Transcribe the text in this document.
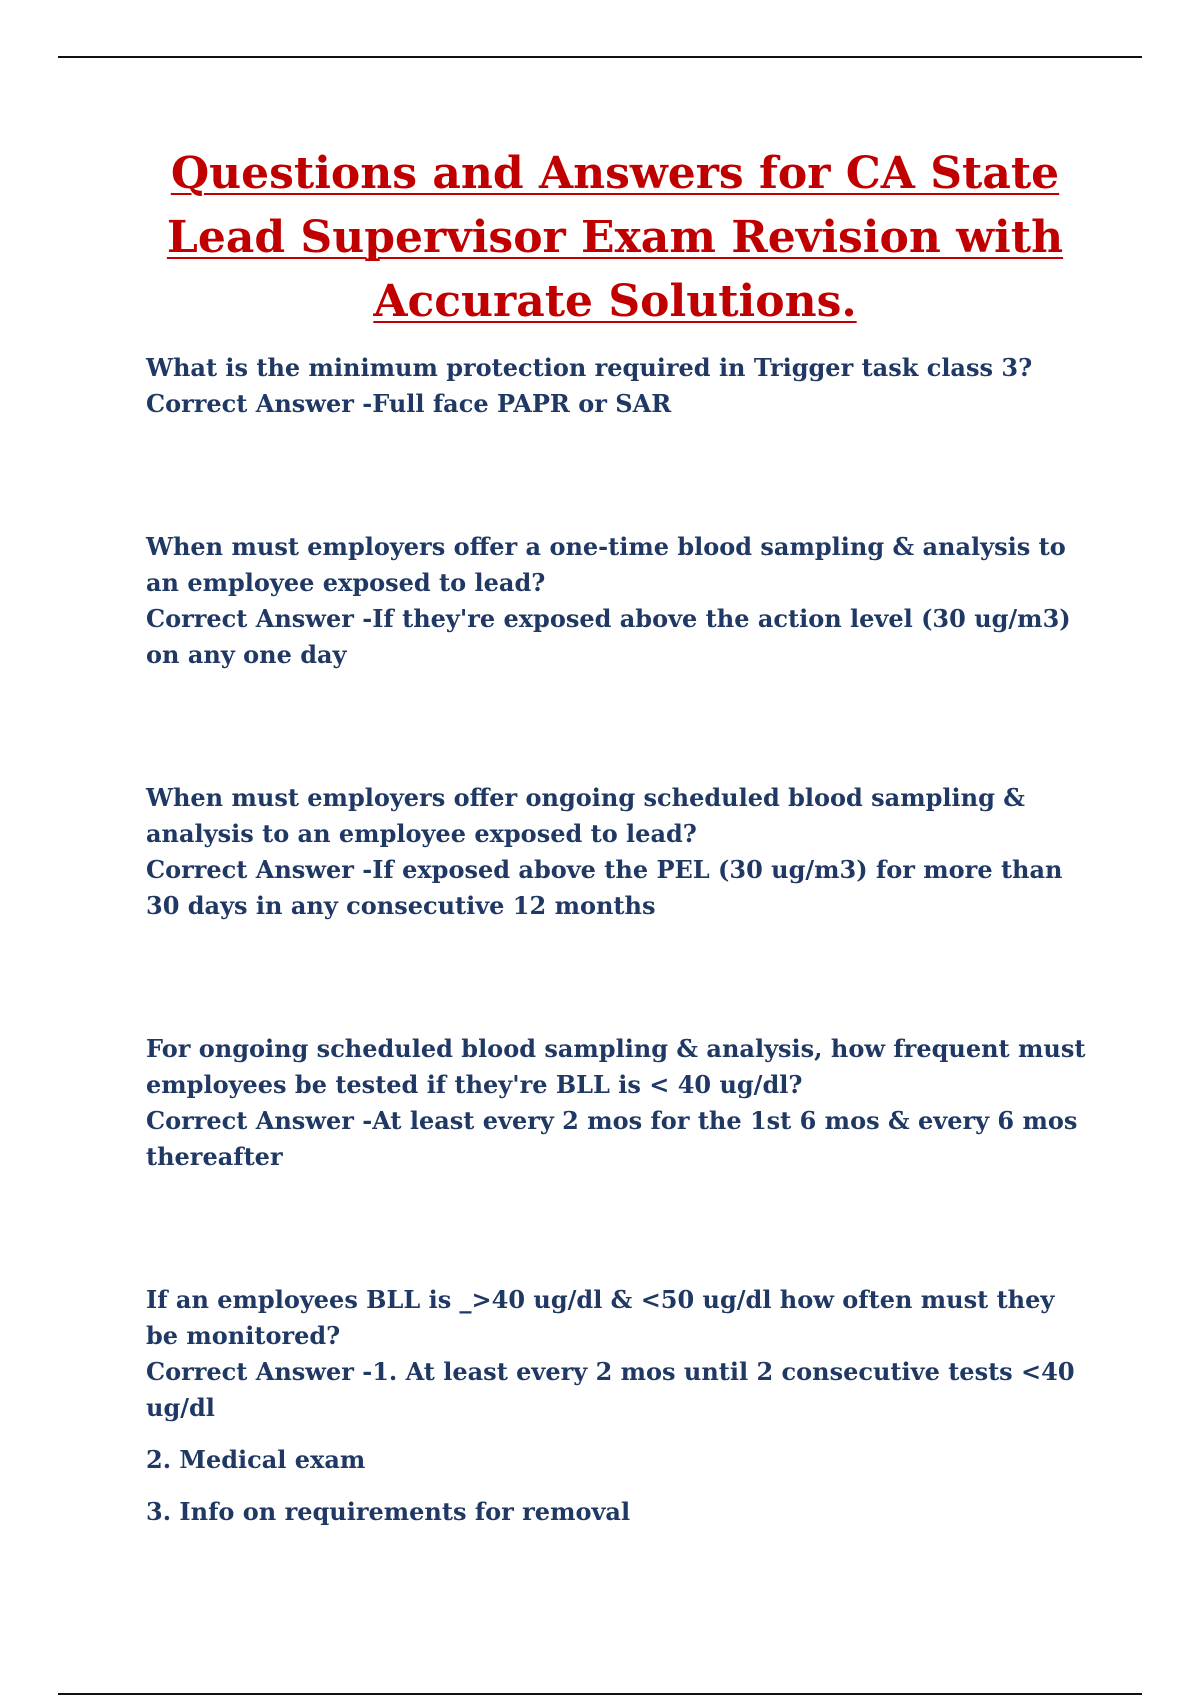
Questions and Answers for CA State Lead Supervisor Exam Revision with Accurate Solutions.

What is the minimum protection required in Trigger task class 3?

Correct Answer -Full face PAPR or SAR

When must employers offer a one-time blood sampling & analysis to an employee exposed to lead?

Correct Answer -If they're exposed above the action level (30 ug/m3) on any one day

When must employers offer ongoing scheduled blood sampling & analysis to an employee exposed to lead?

Correct Answer -If exposed above the PEL (30 ug/m3) for more than 30 days in any consecutive 12 months

For ongoing scheduled blood sampling & analysis, how frequent must employees be tested if they're BLL is < 40 ug/dl?

Correct Answer -At least every 2 mos for the 1st 6 mos & every 6 mos thereafter

If an employees BLL is _>40 ug/dl & <50 ug/dl how often must they be monitored?

Correct Answer -1. At least every 2 mos until 2 consecutive tests <40 ug/dl

2. Medical exam

3. Info on requirements for removal
